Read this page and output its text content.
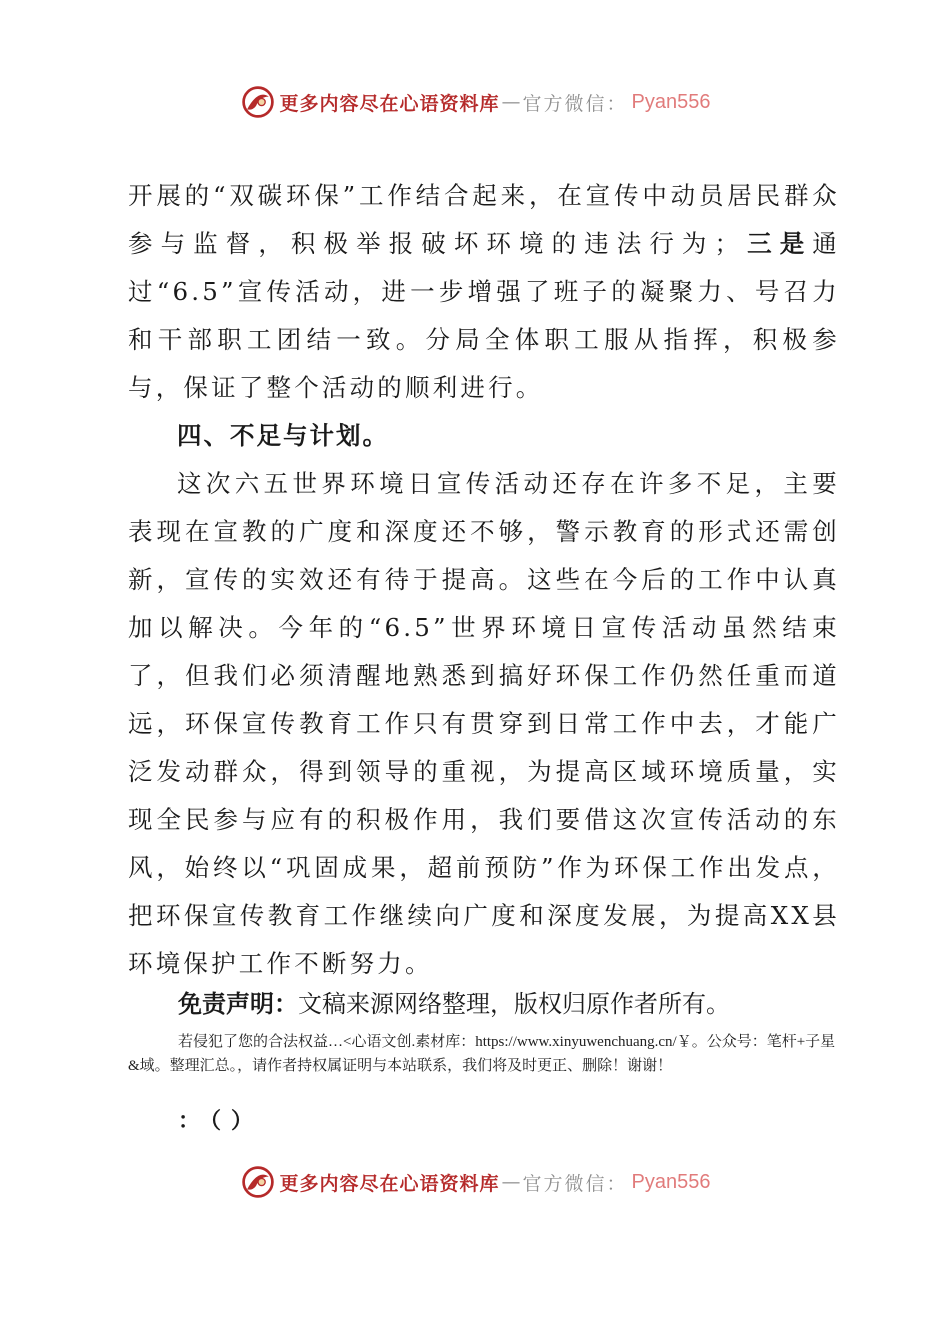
更多内容尽在心语资料库 — 官方微信： Pyan556

开展的“双碳环保”工作结合起来，在宣传中动员居民群众参与监督，积极举报破坏环境的违法行为；三是通过“6.5”宣传活动，进一步增强了班子的凝聚力、号召力和干部职工团结一致。分局全体职工服从指挥，积极参与，保证了整个活动的顺利进行。

四、不足与计划。

这次六五世界环境日宣传活动还存在许多不足，主要表现在宣教的广度和深度还不够，警示教育的形式还需创新，宣传的实效还有待于提高。这些在今后的工作中认真加以解决。今年的“6.5”世界环境日宣传活动虽然结束了，但我们必须清醒地熟悉到搞好环保工作仍然任重而道远，环保宣传教育工作只有贯穿到日常工作中去，才能广泛发动群众，得到领导的重视，为提高区域环境质量，实现全民参与应有的积极作用，我们要借这次宣传活动的东风，始终以“巩固成果，超前预防”作为环保工作出发点，把环保宣传教育工作继续向广度和深度发展，为提高XX县环境保护工作不断努力。

免责声明：文稿来源网络整理，版权归原作者所有。
若侵犯了您的合法权益…<心语文创.素材库：https://www.xinyuwenchuang.cn/￥。公众号：笔杆+子星&域。整理汇总。，请作者持权属证明与本站联系，我们将及时更正、删除！谢谢！
：（）
更多内容尽在心语资料库 — 官方微信： Pyan556
